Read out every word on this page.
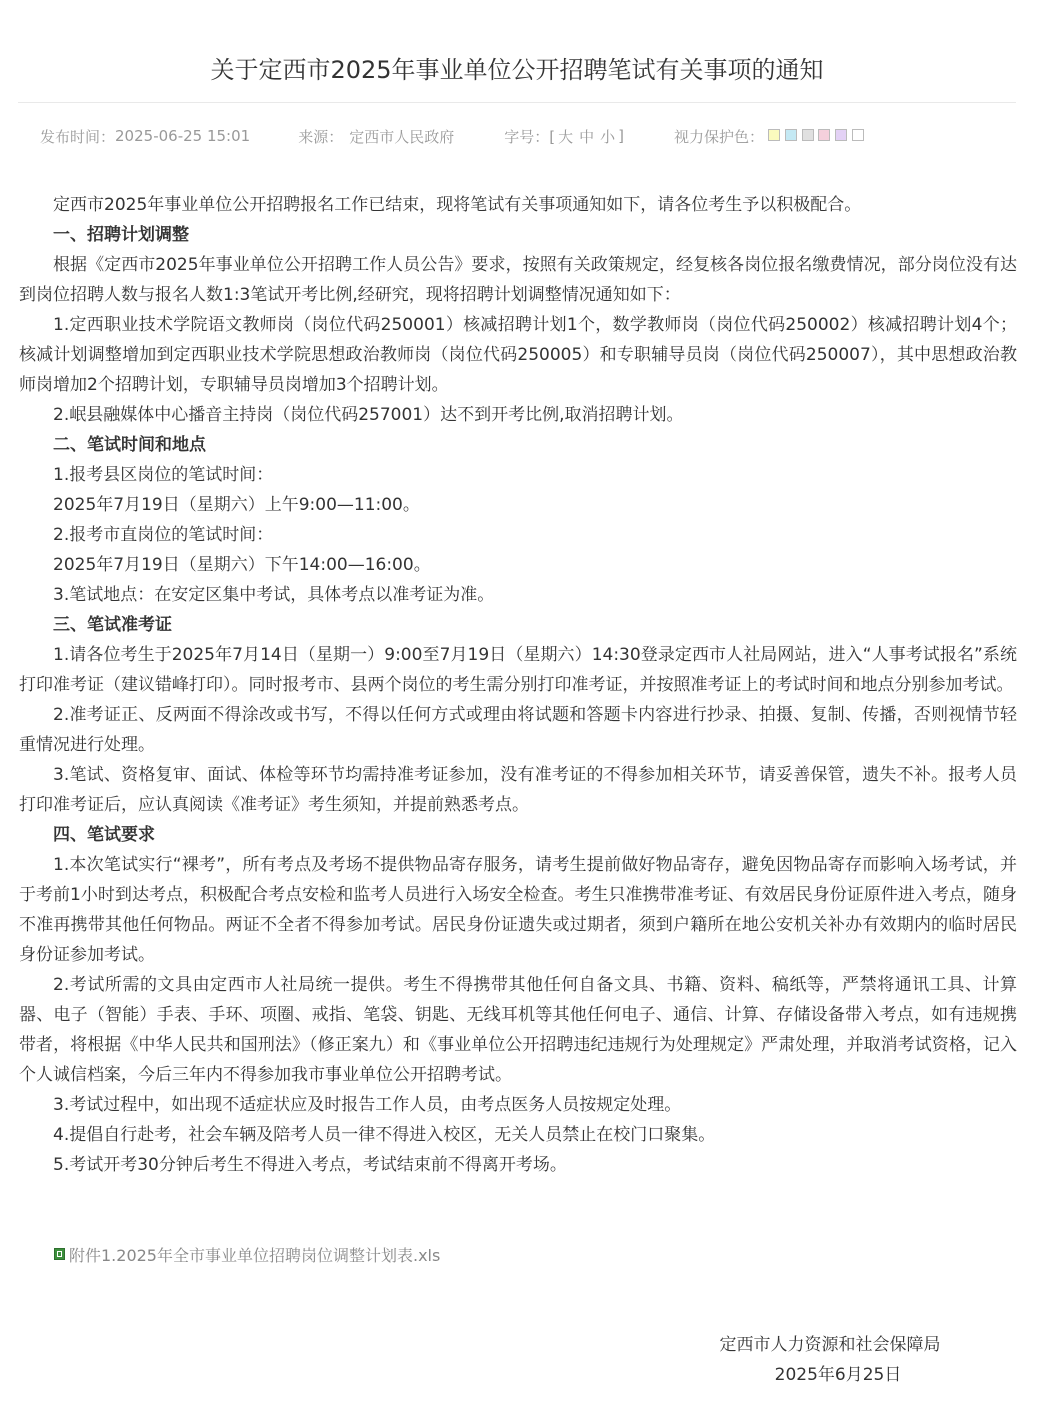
关于定西市2025年事业单位公开招聘笔试有关事项的通知
发布时间： 2025-06-25 15:01	来源： 定西市人民政府	字号：[ 大 中 小 ]	视力保护色：

定西市2025年事业单位公开招聘报名工作已结束，现将笔试有关事项通知如下，请各位考生予以积极配合。

一、招聘计划调整

根据《定西市2025年事业单位公开招聘工作人员公告》要求，按照有关政策规定，经复核各岗位报名缴费情况，部分岗位没有达到岗位招聘人数与报名人数1:3笔试开考比例,经研究，现将招聘计划调整情况通知如下：

1.定西职业技术学院语文教师岗（岗位代码250001）核减招聘计划1个，数学教师岗（岗位代码250002）核减招聘计划4个；核减计划调整增加到定西职业技术学院思想政治教师岗（岗位代码250005）和专职辅导员岗（岗位代码250007），其中思想政治教师岗增加2个招聘计划，专职辅导员岗增加3个招聘计划。

2.岷县融媒体中心播音主持岗（岗位代码257001）达不到开考比例,取消招聘计划。

二、笔试时间和地点

1.报考县区岗位的笔试时间：

2025年7月19日（星期六）上午9:00—11:00。

2.报考市直岗位的笔试时间：

2025年7月19日（星期六）下午14:00—16:00。

3.笔试地点：在安定区集中考试，具体考点以准考证为准。

三、笔试准考证

1.请各位考生于2025年7月14日（星期一）9:00至7月19日（星期六）14:30登录定西市人社局网站，进入“人事考试报名”系统打印准考证（建议错峰打印）。同时报考市、县两个岗位的考生需分别打印准考证，并按照准考证上的考试时间和地点分别参加考试。

2.准考证正、反两面不得涂改或书写，不得以任何方式或理由将试题和答题卡内容进行抄录、拍摄、复制、传播，否则视情节轻重情况进行处理。

3.笔试、资格复审、面试、体检等环节均需持准考证参加，没有准考证的不得参加相关环节，请妥善保管，遗失不补。报考人员打印准考证后，应认真阅读《准考证》考生须知，并提前熟悉考点。

四、笔试要求

1.本次笔试实行“裸考”，所有考点及考场不提供物品寄存服务，请考生提前做好物品寄存，避免因物品寄存而影响入场考试，并于考前1小时到达考点，积极配合考点安检和监考人员进行入场安全检查。考生只准携带准考证、有效居民身份证原件进入考点，随身不准再携带其他任何物品。两证不全者不得参加考试。居民身份证遗失或过期者，须到户籍所在地公安机关补办有效期内的临时居民身份证参加考试。

2.考试所需的文具由定西市人社局统一提供。考生不得携带其他任何自备文具、书籍、资料、稿纸等，严禁将通讯工具、计算器、电子（智能）手表、手环、项圈、戒指、笔袋、钥匙、无线耳机等其他任何电子、通信、计算、存储设备带入考点，如有违规携带者，将根据《中华人民共和国刑法》（修正案九）和《事业单位公开招聘违纪违规行为处理规定》严肃处理，并取消考试资格，记入个人诚信档案，今后三年内不得参加我市事业单位公开招聘考试。

3.考试过程中，如出现不适症状应及时报告工作人员，由考点医务人员按规定处理。

4.提倡自行赴考，社会车辆及陪考人员一律不得进入校区，无关人员禁止在校门口聚集。

5.考试开考30分钟后考生不得进入考点，考试结束前不得离开考场。

附件1.2025年全市事业单位招聘岗位调整计划表.xls
定西市人力资源和社会保障局
2025年6月25日
